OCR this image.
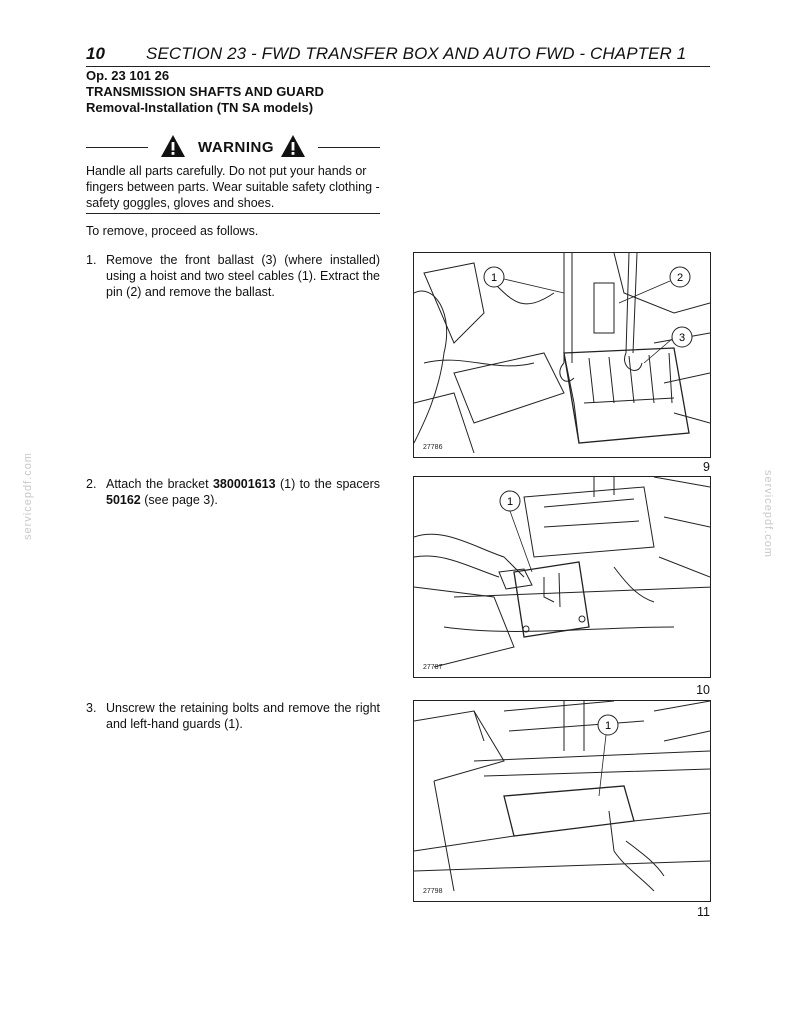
10 SECTION 23 - FWD TRANSFER BOX AND AUTO FWD - CHAPTER 1
Op. 23 101 26
TRANSMISSION SHAFTS AND GUARD
Removal-Installation (TN SA models)
WARNING
Handle all parts carefully. Do not put your hands or fingers between parts. Wear suitable safety clothing - safety goggles, gloves and shoes.
To remove, proceed as follows.
1. Remove the front ballast (3) (where installed) using a hoist and two steel cables (1). Extract the pin (2) and remove the ballast.
2. Attach the bracket 380001613 (1) to the spacers 50162 (see page 3).
3. Unscrew the retaining bolts and remove the right and left-hand guards (1).
1	2
3
27786
9
1
27787
10
1
27798
11
servicepdf.com	servicepdf.com
